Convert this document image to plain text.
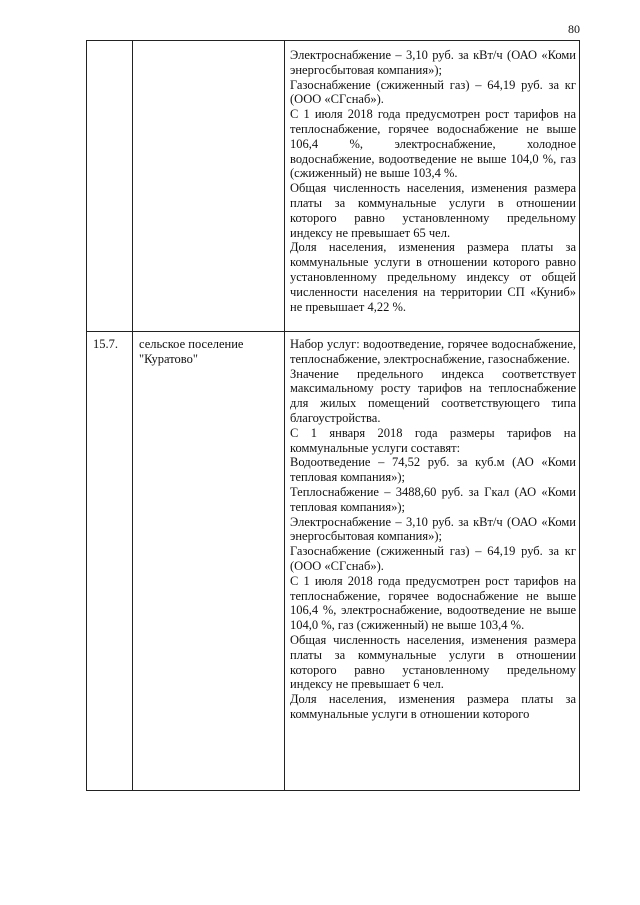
80

Электроснабжение – 3,10 руб. за кВт/ч (ОАО «Коми энергосбытовая компания»);

Газоснабжение (сжиженный газ) – 64,19 руб. за кг (ООО «СГснаб»).

С 1 июля 2018 года предусмотрен рост тарифов на теплоснабжение, горячее водоснабжение не выше 106,4 %, электроснабжение, холодное водоснабжение, водоотведение не выше 104,0 %, газ (сжиженный) не выше 103,4 %.

Общая численность населения, изменения размера платы за коммунальные услуги в отношении которого равно установленному предельному индексу не превышает 65 чел.

Доля населения, изменения размера платы за коммунальные услуги в отношении которого равно установленному предельному индексу от общей численности населения на территории СП «Куниб» не превышает 4,22 %.

15.7.	сельское поселение "Куратово"

Набор услуг: водоотведение, горячее водоснабжение, теплоснабжение, электроснабжение, газоснабжение.

Значение предельного индекса соответствует максимальному росту тарифов на теплоснабжение для жилых помещений соответствующего типа благоустройства.

С 1 января 2018 года размеры тарифов на коммунальные услуги составят:

Водоотведение – 74,52 руб. за куб.м (АО «Коми тепловая компания»);

Теплоснабжение – 3488,60 руб. за Гкал (АО «Коми тепловая компания»);

Электроснабжение – 3,10 руб. за кВт/ч (ОАО «Коми энергосбытовая компания»);

Газоснабжение (сжиженный газ) – 64,19 руб. за кг (ООО «СГснаб»).

С 1 июля 2018 года предусмотрен рост тарифов на теплоснабжение, горячее водоснабжение не выше 106,4 %, электроснабжение, водоотведение не выше 104,0 %, газ (сжиженный) не выше 103,4 %.

Общая численность населения, изменения размера платы за коммунальные услуги в отношении которого равно установленному предельному индексу не превышает 6 чел.

Доля населения, изменения размера платы за коммунальные услуги в отношении которого
